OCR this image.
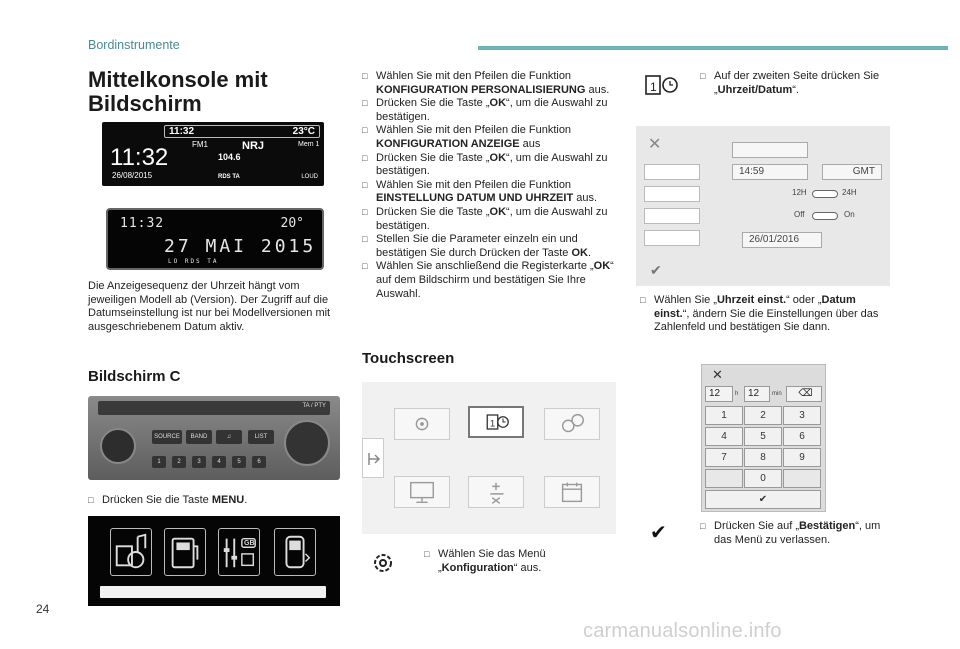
Bordinstrumente
Mittelkonsole mit
Bildschirm
11:32	23°C
11:32
26/08/2015
FM1	NRJ	Mem 1
104.6
RDS TA	LOUD
11:32	20°
27 MAI 2015
LO RDS TA

Die Anzeigesequenz der Uhrzeit hängt vom jeweiligen Modell ab (Version). Der Zugriff auf die Datumseinstellung ist nur bei Modellversionen mit ausgeschriebenem Datum aktiv.

Bildschirm C
TA / PTY
SOURCE	BAND	♫	LIST
1	2	3	4	5	6
□ Drücken Sie die Taste MENU.
GB
□ Wählen Sie mit den Pfeilen die Funktion KONFIGURATION PERSONALISIERUNG aus.
□ Drücken Sie die Taste „OK“, um die Auswahl zu bestätigen.
□ Wählen Sie mit den Pfeilen die Funktion KONFIGURATION ANZEIGE aus
□ Drücken Sie die Taste „OK“, um die Auswahl zu bestätigen.
□ Wählen Sie mit den Pfeilen die Funktion EINSTELLUNG DATUM UND UHRZEIT aus.
□ Drücken Sie die Taste „OK“, um die Auswahl zu bestätigen.
□ Stellen Sie die Parameter einzeln ein und bestätigen Sie durch Drücken der Taste OK.
□ Wählen Sie anschließend die Registerkarte „OK“ auf dem Bildschirm und bestätigen Sie Ihre Auswahl.
Touchscreen
1
□ Wählen Sie das Menü „Konfiguration“ aus.
1
□ Auf der zweiten Seite drücken Sie „Uhrzeit/Datum“.
✕
✔
14:59	GMT
12H	24H
Off	On
26/01/2016
□ Wählen Sie „Uhrzeit einst.“ oder „Datum einst.“, ändern Sie die Einstellungen über das Zahlenfeld und bestätigen Sie dann.
✕
12	h 12	min	⌫
1	2	3
4	5	6
7	8	9
0
✔
✔
□	Drücken Sie auf „Bestätigen“, um das Menü zu verlassen.
24
carmanualsonline.info
